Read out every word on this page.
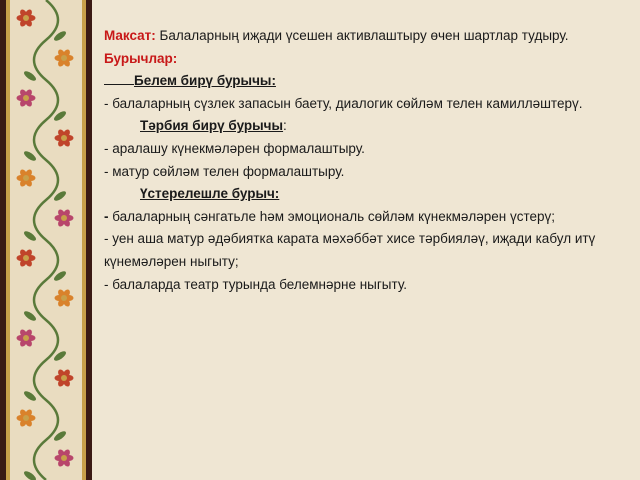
Максат: Балаларның иҗади үсешен активлаштыру өчен шартлар тудыру.

Бурычлар:

Белем бирү бурычы:

- балаларның сүзлек запасын баету, диалогик сөйләм телен камилләштерү.

Тәрбия бирү бурычы:

- аралашу күнекмәләрен формалаштыру.

- матур сөйләм телен формалаштыру.

Үстерелешле бурыч:

- балаларның сәнгатьле һәм эмоциональ сөйләм күнекмәләрен үстерү;

- уен аша матур әдәбиятка карата мәхәббәт хисе тәрбияләү, иҗади кабул итү күнемәләрен ныгыту;

- балаларда театр турында белемнәрне ныгыту.
